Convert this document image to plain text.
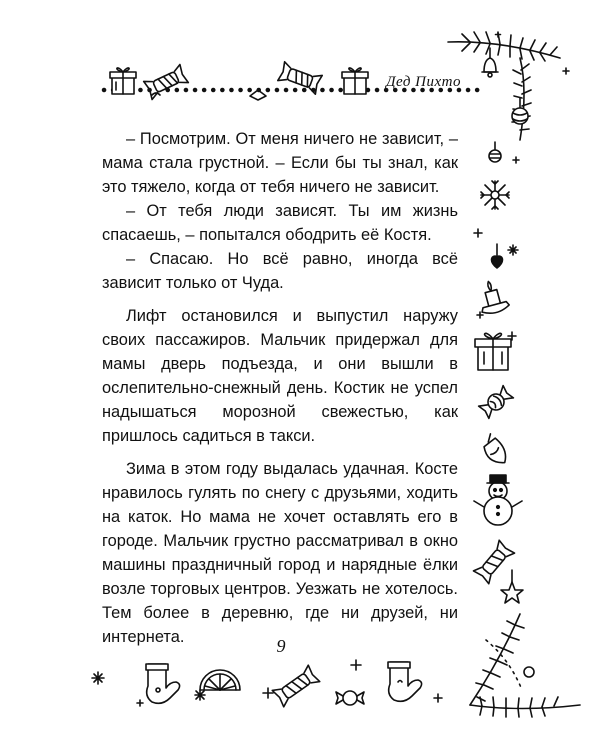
Дед Пихто

– Посмотрим. От меня ничего не зависит, – мама стала грустной. – Если бы ты знал, как это тяжело, когда от тебя ничего не зависит.

– От тебя люди зависят. Ты им жизнь спасаешь, – попытался ободрить её Костя.

– Спасаю. Но всё равно, иногда всё зависит только от Чуда.

Лифт остановился и выпустил наружу своих пассажиров. Мальчик придержал для мамы дверь подъезда, и они вышли в ослепительно-снежный день. Костик не успел надышаться морозной свежестью, как пришлось садиться в такси.

Зима в этом году выдалась удачная. Косте нравилось гулять по снегу с друзьями, ходить на каток. Но мама не хочет оставлять его в городе. Мальчик грустно рассматривал в окно машины праздничный город и нарядные ёлки возле торговых центров. Уезжать не хотелось. Тем более в деревню, где ни друзей, ни интернета.	9
